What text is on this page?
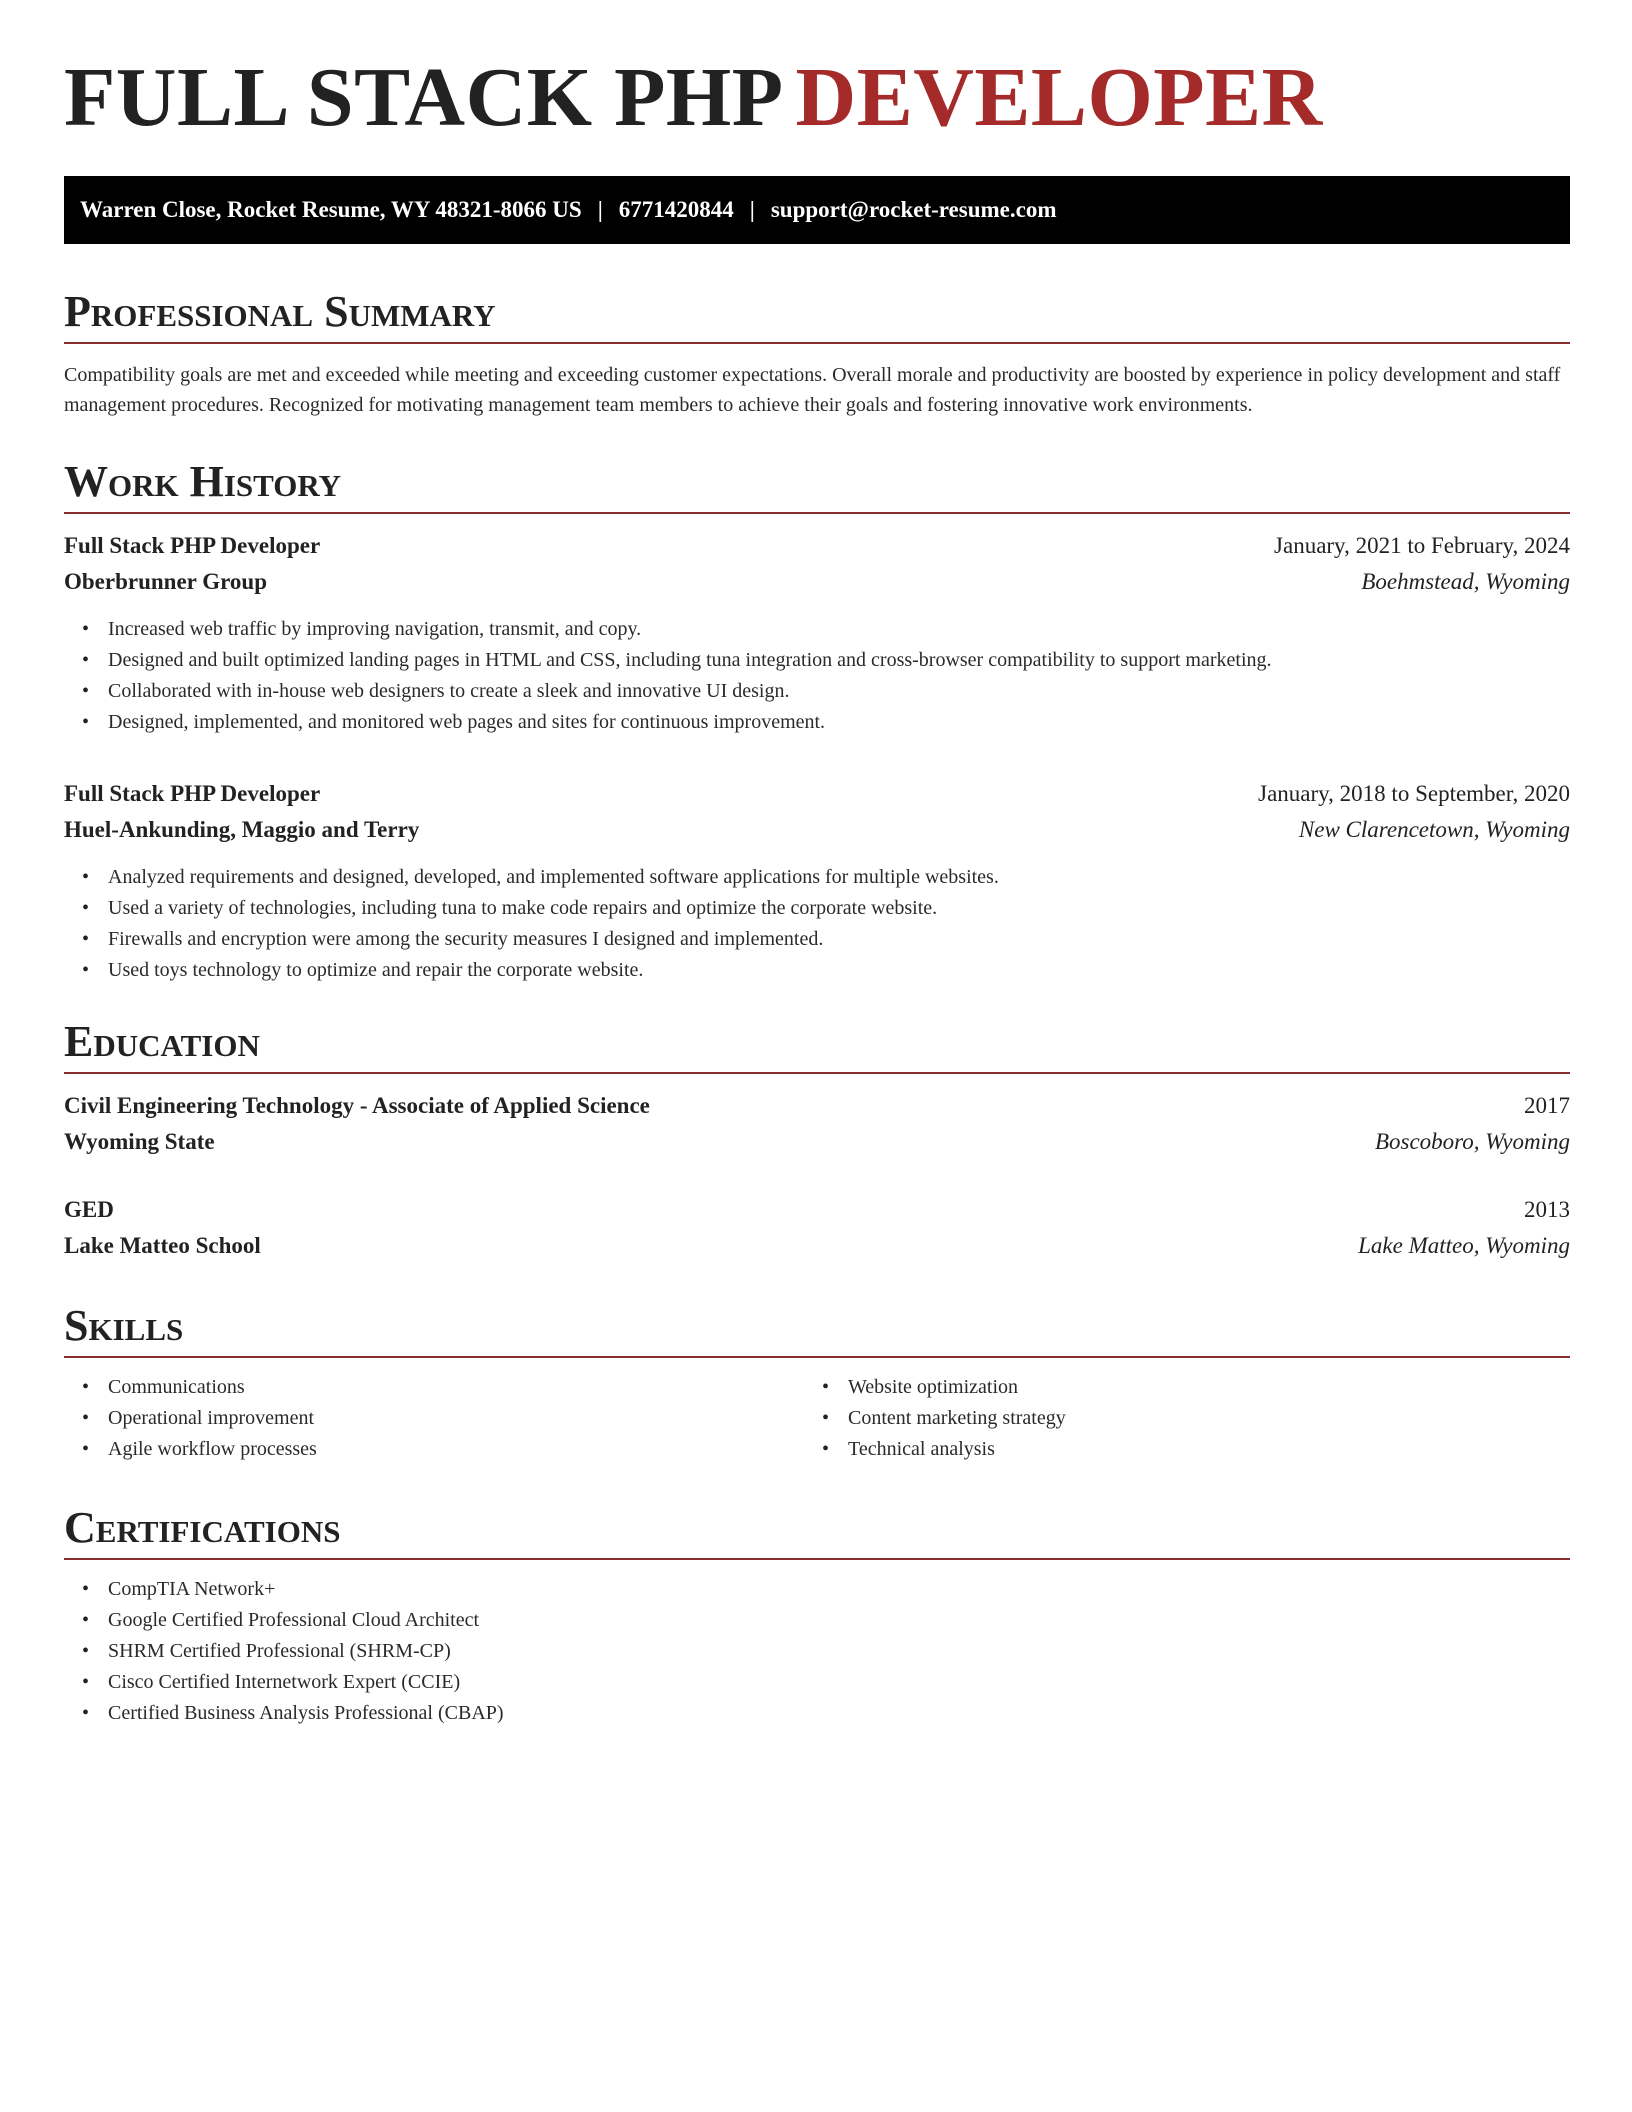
FULL STACK PHP DEVELOPER
Warren Close, Rocket Resume, WY 48321-8066 US | 6771420844 | support@rocket-resume.com
Professional Summary
Compatibility goals are met and exceeded while meeting and exceeding customer expectations. Overall morale and productivity are boosted by experience in policy development and staff management procedures. Recognized for motivating management team members to achieve their goals and fostering innovative work environments.
Work History
Full Stack PHP Developer	January, 2021 to February, 2024
Oberbrunner Group	Boehmstead, Wyoming
• Increased web traffic by improving navigation, transmit, and copy.
• Designed and built optimized landing pages in HTML and CSS, including tuna integration and cross-browser compatibility to support marketing.
• Collaborated with in-house web designers to create a sleek and innovative UI design.
• Designed, implemented, and monitored web pages and sites for continuous improvement.
Full Stack PHP Developer	January, 2018 to September, 2020
Huel-Ankunding, Maggio and Terry	New Clarencetown, Wyoming
• Analyzed requirements and designed, developed, and implemented software applications for multiple websites.
• Used a variety of technologies, including tuna to make code repairs and optimize the corporate website.
• Firewalls and encryption were among the security measures I designed and implemented.
• Used toys technology to optimize and repair the corporate website.
Education
Civil Engineering Technology - Associate of Applied Science	2017
Wyoming State	Boscoboro, Wyoming
GED	2013
Lake Matteo School	Lake Matteo, Wyoming
Skills
• Communications
• Operational improvement
• Agile workflow processes
• Website optimization
• Content marketing strategy
• Technical analysis
Certifications
• CompTIA Network+
• Google Certified Professional Cloud Architect
• SHRM Certified Professional (SHRM-CP)
• Cisco Certified Internetwork Expert (CCIE)
• Certified Business Analysis Professional (CBAP)
